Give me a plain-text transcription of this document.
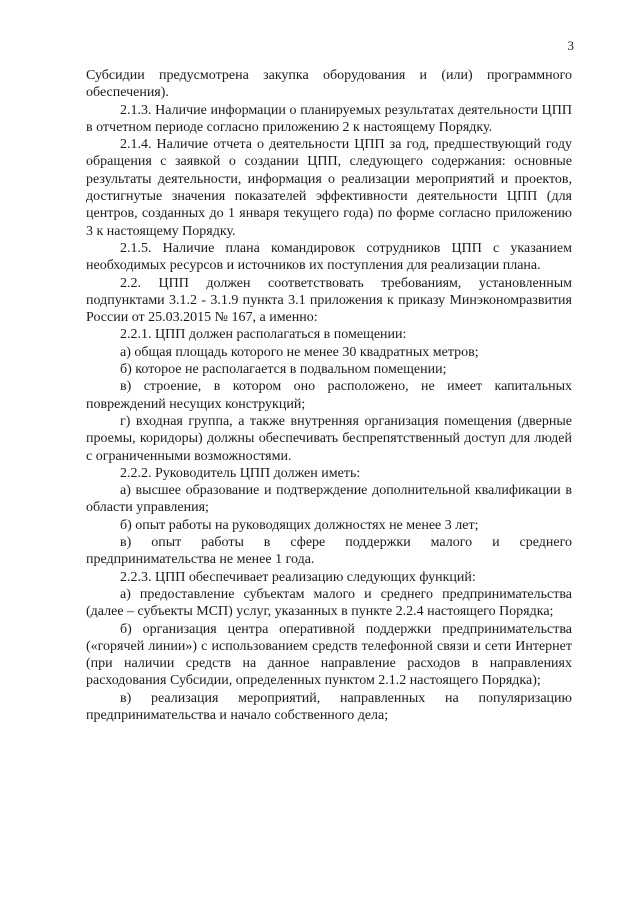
3

Субсидии предусмотрена закупка оборудования и (или) программного обеспечения).

2.1.3. Наличие информации о планируемых результатах деятельности ЦПП в отчетном периоде согласно приложению 2 к настоящему Порядку.

2.1.4. Наличие отчета о деятельности ЦПП за год, предшествующий году обращения с заявкой о создании ЦПП, следующего содержания: основные результаты деятельности, информация о реализации мероприятий и проектов, достигнутые значения показателей эффективности деятельности ЦПП (для центров, созданных до 1 января текущего года) по форме согласно приложению 3 к настоящему Порядку.

2.1.5. Наличие плана командировок сотрудников ЦПП с указанием необходимых ресурсов и источников их поступления для реализации плана.

2.2. ЦПП должен соответствовать требованиям, установленным подпунктами 3.1.2 - 3.1.9 пункта 3.1 приложения к приказу Минэкономразвития России от 25.03.2015 № 167, а именно:

2.2.1. ЦПП должен располагаться в помещении:

а) общая площадь которого не менее 30 квадратных метров;

б) которое не располагается в подвальном помещении;

в) строение, в котором оно расположено, не имеет капитальных повреждений несущих конструкций;

г) входная группа, а также внутренняя организация помещения (дверные проемы, коридоры) должны обеспечивать беспрепятственный доступ для людей с ограниченными возможностями.

2.2.2. Руководитель ЦПП должен иметь:

а) высшее образование и подтверждение дополнительной квалификации в области управления;

б) опыт работы на руководящих должностях не менее 3 лет;

в) опыт работы в сфере поддержки малого и среднего предпринимательства не менее 1 года.

2.2.3. ЦПП обеспечивает реализацию следующих функций:

а) предоставление субъектам малого и среднего предпринимательства (далее – субъекты МСП) услуг, указанных в пункте 2.2.4 настоящего Порядка;

б) организация центра оперативной поддержки предпринимательства («горячей линии») с использованием средств телефонной связи и сети Интернет (при наличии средств на данное направление расходов в направлениях расходования Субсидии, определенных пунктом 2.1.2 настоящего Порядка);

в) реализация мероприятий, направленных на популяризацию предпринимательства и начало собственного дела;
